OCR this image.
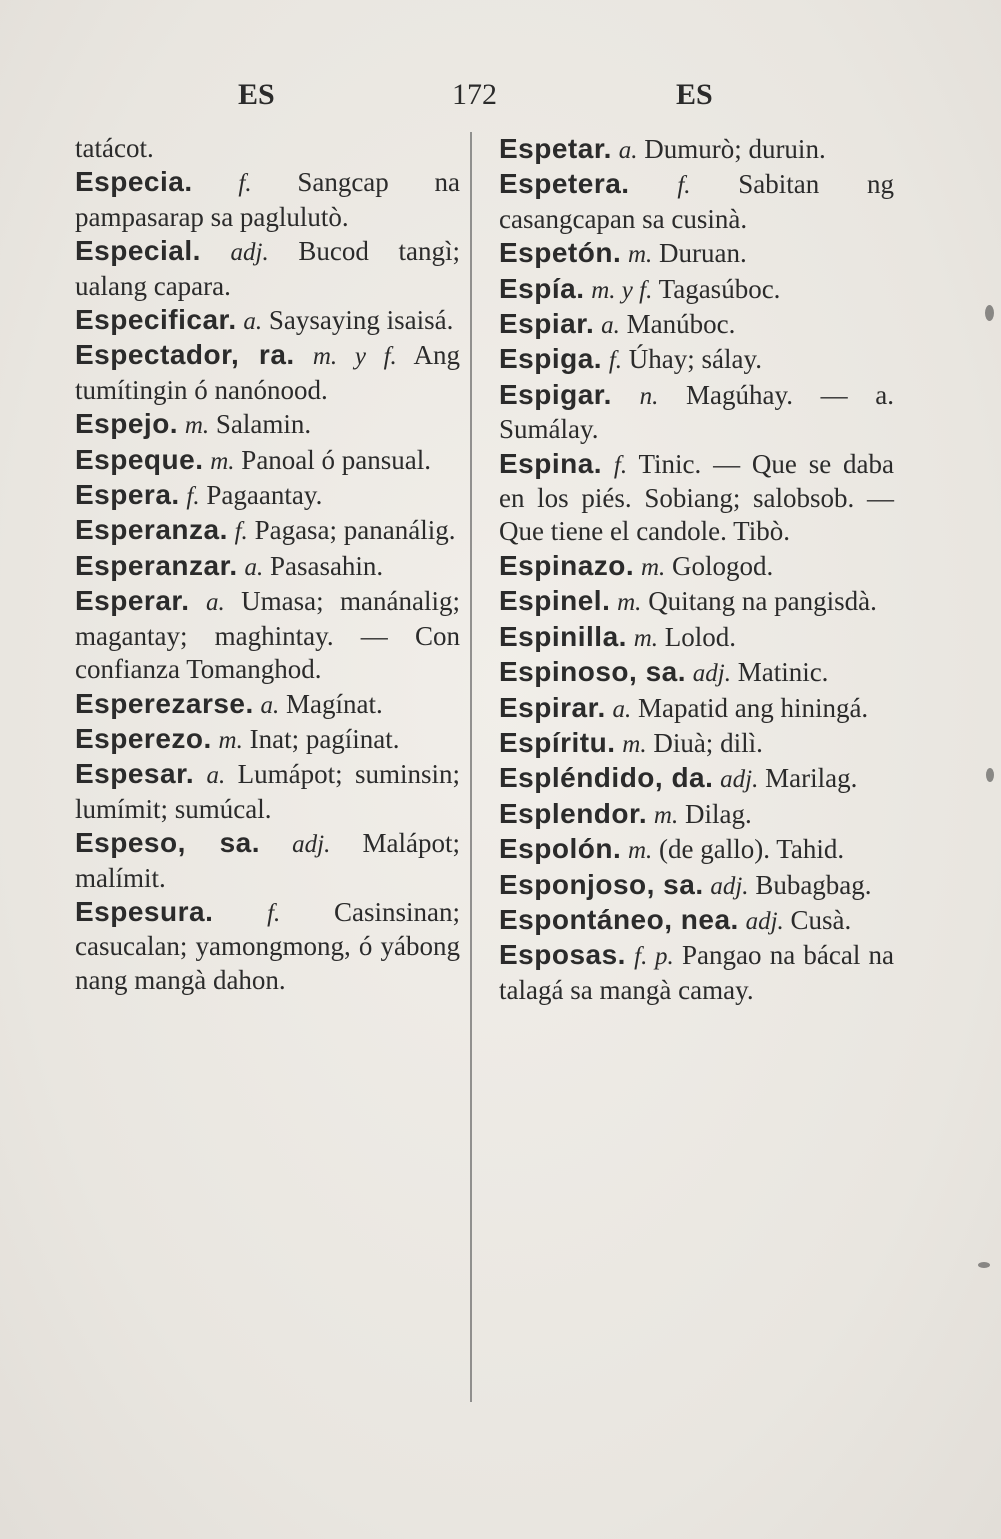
ES	172	ES

tatácot.

Especia. f. Sangcap na pampasarap sa paglulutò.

Especial. adj. Bucod tangì; ualang capara.

Especificar. a. Saysaying isaisá.

Espectador, ra. m. y f. Ang tumítingin ó nanónood.

Espejo. m. Salamin.

Espeque. m. Panoal ó pansual.

Espera. f. Pagaantay.

Esperanza. f. Pagasa; pananálig.

Esperanzar. a. Pasasahin.

Esperar. a. Umasa; manánalig; magantay; maghintay. — Con confianza Tomanghod.

Esperezarse. a. Magínat.

Esperezo. m. Inat; pagíinat.

Espesar. a. Lumápot; suminsin; lumímit; sumúcal.

Espeso, sa. adj. Malápot; malímit.

Espesura. f. Casinsinan; casucalan; yamongmong, ó yábong nang mangà dahon.

Espetar. a. Dumurò; duruin.

Espetera. f. Sabitan ng casangcapan sa cusinà.

Espetón. m. Duruan.

Espía. m. y f. Tagasúboc.

Espiar. a. Manúboc.

Espiga. f. Úhay; sálay.

Espigar. n. Magúhay. — a. Sumálay.

Espina. f. Tinic. — Que se daba en los piés. Sobiang; salobsob. — Que tiene el candole. Tibò.

Espinazo. m. Gologod.

Espinel. m. Quitang na pangisdà.

Espinilla. m. Lolod.

Espinoso, sa. adj. Matinic.

Espirar. a. Mapatid ang hiningá.

Espíritu. m. Diuà; dilì.

Espléndido, da. adj. Marilag.

Esplendor. m. Dilag.

Espolón. m. (de gallo). Tahid.

Esponjoso, sa. adj. Bubagbag.

Espontáneo, nea. adj. Cusà.

Esposas. f. p. Pangao na bácal na talagá sa mangà camay.
